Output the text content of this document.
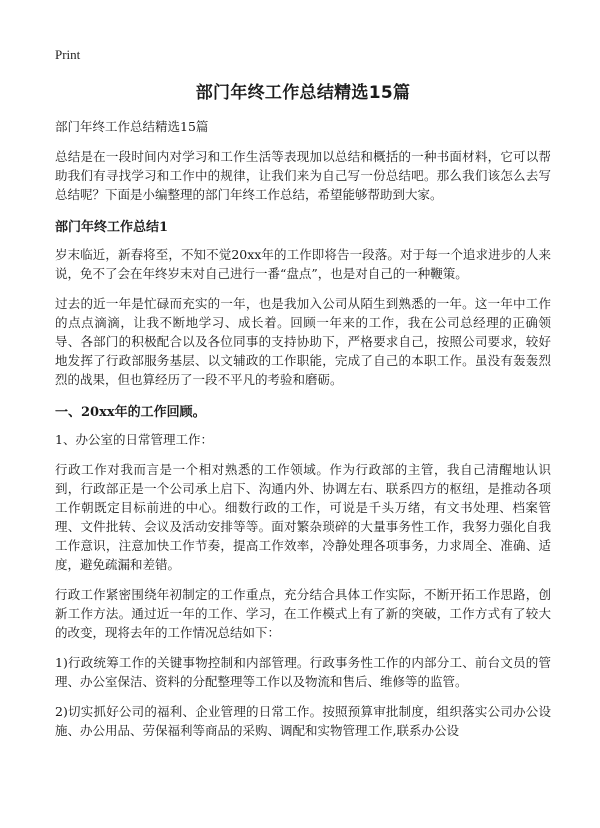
Print
部门年终工作总结精选15篇
部门年终工作总结精选15篇

总结是在一段时间内对学习和工作生活等表现加以总结和概括的一种书面材料，它可以帮助我们有寻找学习和工作中的规律，让我们来为自己写一份总结吧。那么我们该怎么去写总结呢？下面是小编整理的部门年终工作总结，希望能够帮助到大家。

部门年终工作总结1

岁末临近，新春将至，不知不觉20xx年的工作即将告一段落。对于每一个追求进步的人来说，免不了会在年终岁末对自己进行一番“盘点”，也是对自己的一种鞭策。

过去的近一年是忙碌而充实的一年，也是我加入公司从陌生到熟悉的一年。这一年中工作的点点滴滴，让我不断地学习、成长着。回顾一年来的工作，我在公司总经理的正确领导、各部门的积极配合以及各位同事的支持协助下，严格要求自己，按照公司要求，较好地发挥了行政部服务基层、以文辅政的工作职能，完成了自己的本职工作。虽没有轰轰烈烈的战果，但也算经历了一段不平凡的考验和磨砺。

一、20xx年的工作回顾。

1、办公室的日常管理工作：

行政工作对我而言是一个相对熟悉的工作领域。作为行政部的主管，我自己清醒地认识到，行政部正是一个公司承上启下、沟通内外、协调左右、联系四方的枢纽，是推动各项工作朝既定目标前进的中心。细数行政的工作，可说是千头万绪，有文书处理、档案管理、文件批转、会议及活动安排等等。面对繁杂琐碎的大量事务性工作，我努力强化自我工作意识，注意加快工作节奏，提高工作效率，冷静处理各项事务，力求周全、准确、适度，避免疏漏和差错。

行政工作紧密围绕年初制定的工作重点，充分结合具体工作实际，不断开拓工作思路，创新工作方法。通过近一年的工作、学习，在工作模式上有了新的突破，工作方式有了较大的改变，现将去年的工作情况总结如下：

1)行政统筹工作的关键事物控制和内部管理。行政事务性工作的内部分工、前台文员的管理、办公室保洁、资料的分配整理等工作以及物流和售后、维修等的监管。

2)切实抓好公司的福利、企业管理的日常工作。按照预算审批制度，组织落实公司办公设施、办公用品、劳保福利等商品的采购、调配和实物管理工作,联系办公设
